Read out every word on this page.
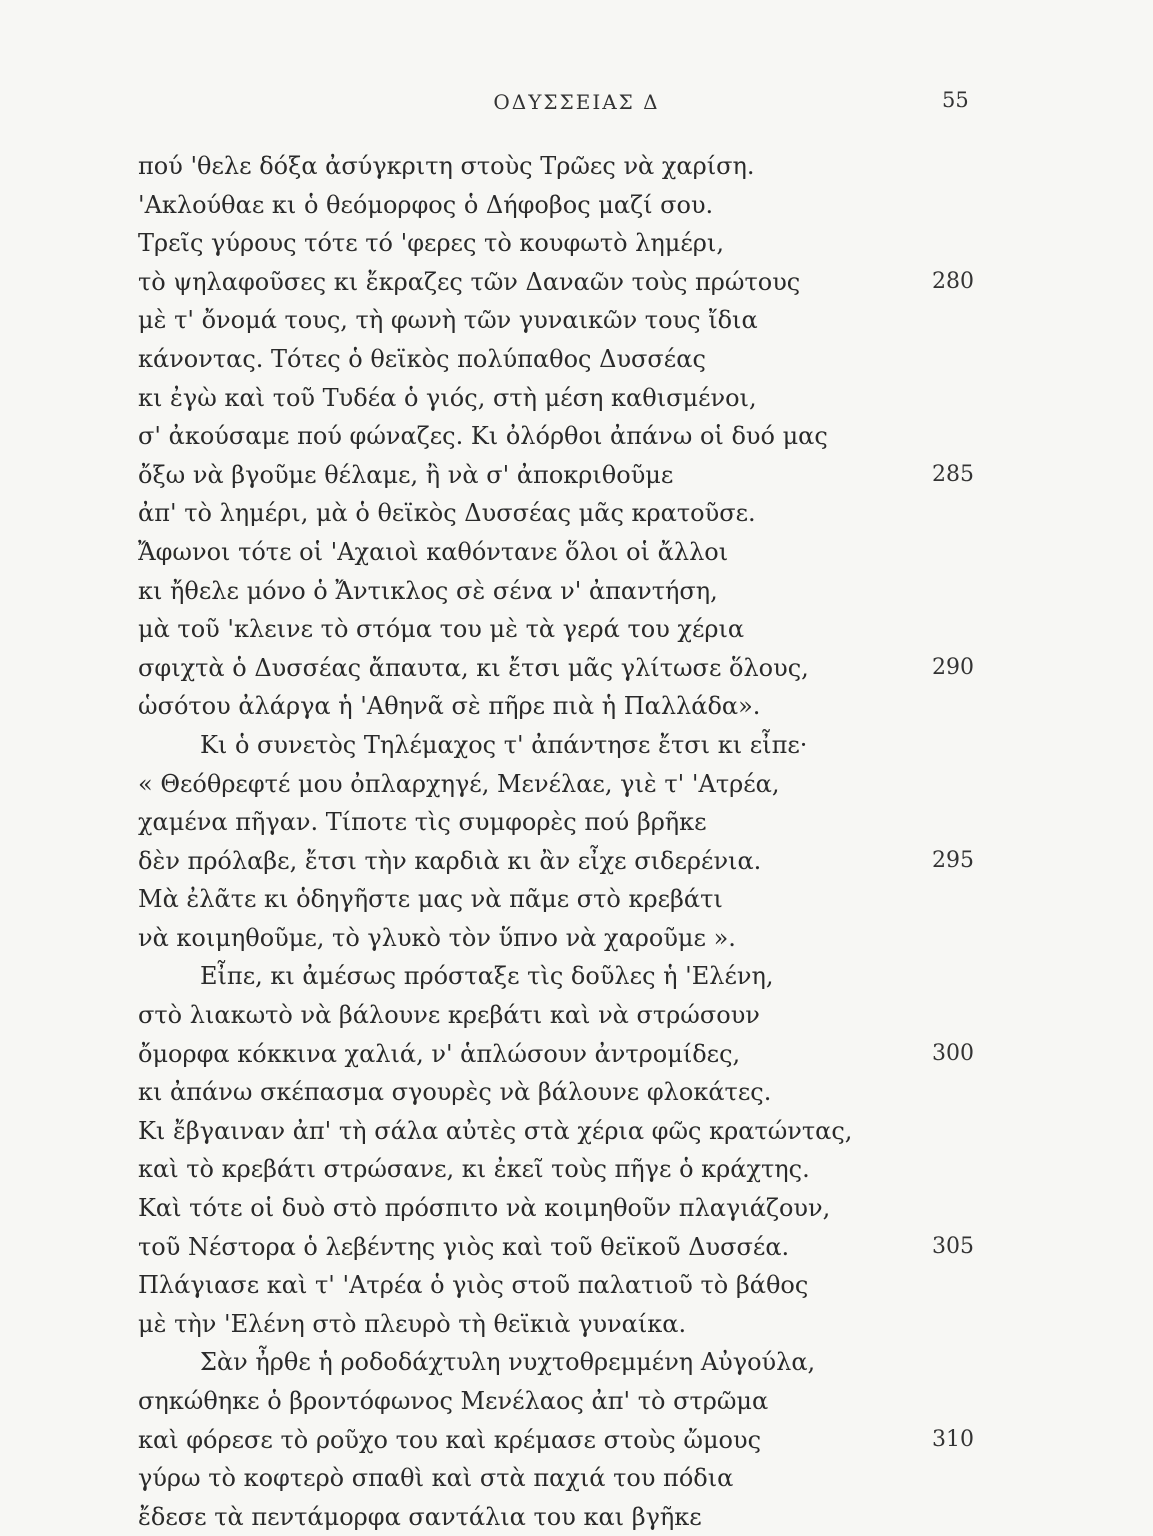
ΟΔΥΣΣΕΙΑΣ Δ	55
πού 'θελε δόξα ἀσύγκριτη στοὺς Τρῶες νὰ χαρίση.
'Ακλούθαε κι ὁ θεόμορφος ὁ Δήφοβος μαζί σου.
Τρεῖς γύρους τότε τό 'φερες τὸ κουφωτὸ λημέρι,
τὸ ψηλαφοῦσες κι ἔκραζες τῶν Δαναῶν τοὺς πρώτους	280
μὲ τ' ὄνομά τους, τὴ φωνὴ τῶν γυναικῶν τους ἴδια
κάνοντας. Τότες ὁ θεϊκὸς πολύπαθος Δυσσέας
κι ἐγὼ καὶ τοῦ Τυδέα ὁ γιός, στὴ μέση καθισμένοι,
σ' ἀκούσαμε πού φώναζες. Κι ὀλόρθοι ἀπάνω οἱ δυό μας
ὄξω νὰ βγοῦμε θέλαμε, ἢ νὰ σ' ἀποκριθοῦμε	285
ἀπ' τὸ λημέρι, μὰ ὁ θεϊκὸς Δυσσέας μᾶς κρατοῦσε.
Ἄφωνοι τότε οἱ 'Αχαιοὶ καθόντανε ὅλοι οἱ ἄλλοι
κι ἤθελε μόνο ὁ Ἄντικλος σὲ σένα ν' ἀπαντήση,
μὰ τοῦ 'κλεινε τὸ στόμα του μὲ τὰ γερά του χέρια
σφιχτὰ ὁ Δυσσέας ἄπαυτα, κι ἔτσι μᾶς γλίτωσε ὅλους,	290
ὡσότου ἀλάργα ἡ 'Αθηνᾶ σὲ πῆρε πιὰ ἡ Παλλάδα».
Κι ὁ συνετὸς Τηλέμαχος τ' ἀπάντησε ἔτσι κι εἶπε·
« Θεόθρεφτέ μου ὀπλαρχηγέ, Μενέλαε, γιὲ τ' 'Ατρέα,
χαμένα πῆγαν. Τίποτε τὶς συμφορὲς πού βρῆκε
δὲν πρόλαβε, ἔτσι τὴν καρδιὰ κι ἂν εἶχε σιδερένια.	295
Μὰ ἐλᾶτε κι ὁδηγῆστε μας νὰ πᾶμε στὸ κρεβάτι
νὰ κοιμηθοῦμε, τὸ γλυκὸ τὸν ὕπνο νὰ χαροῦμε ».
Εἶπε, κι ἀμέσως πρόσταξε τὶς δοῦλες ἡ 'Ελένη,
στὸ λιακωτὸ νὰ βάλουνε κρεβάτι καὶ νὰ στρώσουν
ὄμορφα κόκκινα χαλιά, ν' ἁπλώσουν ἀντρομίδες,	300
κι ἀπάνω σκέπασμα σγουρὲς νὰ βάλουνε φλοκάτες.
Κι ἔβγαιναν ἀπ' τὴ σάλα αὐτὲς στὰ χέρια φῶς κρατώντας,
καὶ τὸ κρεβάτι στρώσανε, κι ἐκεῖ τοὺς πῆγε ὁ κράχτης.
Καὶ τότε οἱ δυὸ στὸ πρόσπιτο νὰ κοιμηθοῦν πλαγιάζουν,
τοῦ Νέστορα ὁ λεβέντης γιὸς καὶ τοῦ θεϊκοῦ Δυσσέα.	305
Πλάγιασε καὶ τ' 'Ατρέα ὁ γιὸς στοῦ παλατιοῦ τὸ βάθος
μὲ τὴν 'Ελένη στὸ πλευρὸ τὴ θεϊκιὰ γυναίκα.
Σὰν ἦρθε ἡ ροδοδάχτυλη νυχτοθρεμμένη Αὐγούλα,
σηκώθηκε ὁ βροντόφωνος Μενέλαος ἀπ' τὸ στρῶμα
καὶ φόρεσε τὸ ροῦχο του καὶ κρέμασε στοὺς ὤμους	310
γύρω τὸ κοφτερὸ σπαθὶ καὶ στὰ παχιά του πόδια
ἔδεσε τὰ πεντάμορφα σαντάλια του και βγῆκε
